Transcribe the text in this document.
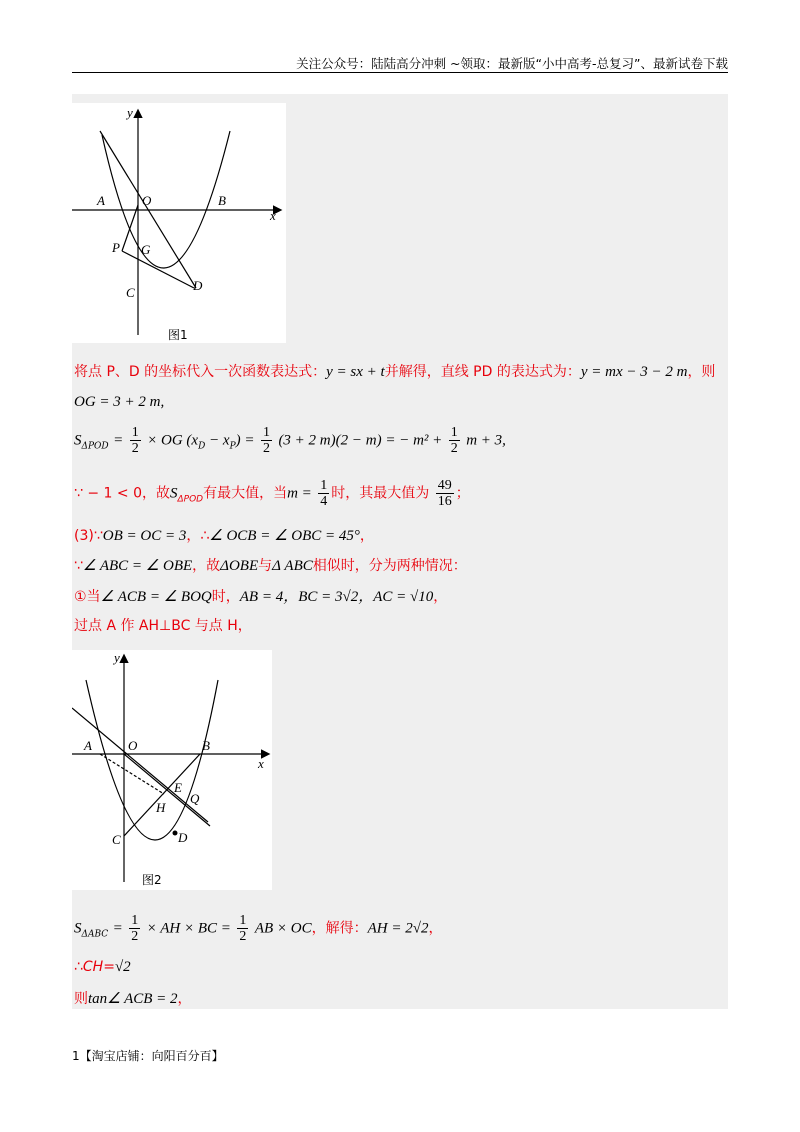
关注公众号：陆陆高分冲刺 ~领取：最新版“小中高考-总复习”、最新试卷下载
y
x
A	O	B
P G
C	D
图1
将点 P、D 的坐标代入一次函数表达式：y = sx + t并解得，直线 PD 的表达式为：y = mx − 3 − 2 m，则
OG = 3 + 2 m,
$S_{\Delta POD} = \frac{1}{2}$ × OG $(x_D - x_P) = \frac{1}{2} (3 + 2$ m)(2 − m) = − $m^2 + \frac{1}{2}$ m + 3,
∵ − 1 < 0，故$S_{\Delta POD}$有最大值，当$m = \frac{1}{4}$ 时，其最大值为 $\frac{49}{16}$ ；
(3)∵OB = OC = 3，∴∠ OCB = ∠ OBC = 45°，
∵∠ ABC = ∠ OBE，故ΔOBE与Δ ABC相似时，分为两种情况：
①当∠ ACB = ∠ BOQ时，AB = 4，BC = 3√2，AC = √10，
过点 A 作 AH⊥BC 与点 H，
y
x
A	O	B
E
Q
H
C	D
图2
$S_{\Delta ABC} = \frac{1}{2}$ × AH × BC = $\frac{1}{2}$ AB × OC，解得：AH = 2√2，
∴CH=√2
则tan∠ ACB = 2，
1【淘宝店铺：向阳百分百】
